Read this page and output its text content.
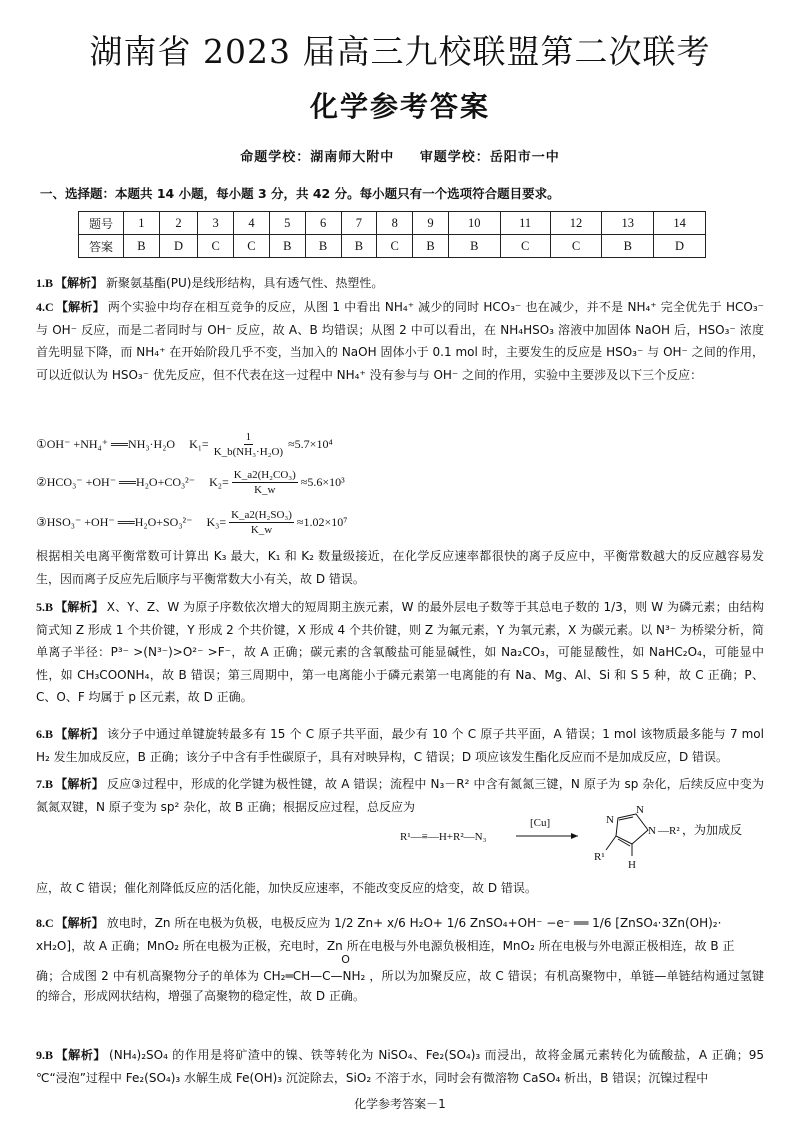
湖南省 2023 届高三九校联盟第二次联考
化学参考答案
命题学校：湖南师大附中 审题学校：岳阳市一中
一、选择题：本题共 14 小题，每小题 3 分，共 42 分。每小题只有一个选项符合题目要求。
题号	1	2	3	4	5	6	7	8	9	10	11	12	13	14
答案	B	D	C	C	B	B	B	C	B	B	C	C	B	D

1.B 【解析】 新聚氨基酯(PU)是线形结构，具有透气性、热塑性。

4.C 【解析】 两个实验中均存在相互竞争的反应，从图 1 中看出 NH₄⁺ 减少的同时 HCO₃⁻ 也在减少，并不是 NH₄⁺ 完全优先于 HCO₃⁻ 与 OH⁻ 反应，而是二者同时与 OH⁻ 反应，故 A、B 均错误；从图 2 中可以看出，在 NH₄HSO₃ 溶液中加固体 NaOH 后，HSO₃⁻ 浓度首先明显下降，而 NH₄⁺ 在开始阶段几乎不变，当加入的 NaOH 固体小于 0.1 mol 时，主要发生的反应是 HSO₃⁻ 与 OH⁻ 之间的作用，可以近似认为 HSO₃⁻ 优先反应，但不代表在这一过程中 NH₄⁺ 没有参与与 OH⁻ 之间的作用，实验中主要涉及以下三个反应：

①OH⁻ +NH₄⁺ ══NH₃·H₂O $K_1= \frac{1}{\text{K\_b(NH₃·H₂O)}} \approx 5.7\times 10^4$
②HCO₃⁻ +OH⁻ ══H₂O+CO₃²⁻ $K_2= \frac{\text{K\_a2(H₂CO₃)}}{K\_w} \approx 5.6\times 10^3$
③HSO₃⁻ +OH⁻ ══H₂O+SO₃²⁻ $K_3= \frac{\text{K\_a2(H₂SO₃)}}{K\_w} \approx 1.02\times 10^7$

根据相关电离平衡常数可计算出 K₃ 最大，K₁ 和 K₂ 数量级接近，在化学反应速率都很快的离子反应中，平衡常数越大的反应越容易发生，因而离子反应先后顺序与平衡常数大小有关，故 D 错误。

5.B 【解析】 X、Y、Z、W 为原子序数依次增大的短周期主族元素，W 的最外层电子数等于其总电子数的 1/3，则 W 为磷元素；由结构简式知 Z 形成 1 个共价键，Y 形成 2 个共价键，X 形成 4 个共价键，则 Z 为氟元素，Y 为氧元素，X 为碳元素。以 N³⁻ 为桥梁分析，简单离子半径：P³⁻ >(N³⁻)>O²⁻ >F⁻，故 A 正确；碳元素的含氧酸盐可能显碱性，如 Na₂CO₃，可能显酸性，如 NaHC₂O₄，可能显中性，如 CH₃COONH₄，故 B 错误；第三周期中，第一电离能小于磷元素第一电离能的有 Na、Mg、Al、Si 和 S 5 种，故 C 正确；P、C、O、F 均属于 p 区元素，故 D 正确。

6.B 【解析】 该分子中通过单键旋转最多有 15 个 C 原子共平面，最少有 10 个 C 原子共平面，A 错误；1 mol 该物质最多能与 7 mol H₂ 发生加成反应，B 正确；该分子中含有手性碳原子，具有对映异构，C 错误；D 项应该发生酯化反应而不是加成反应，D 错误。

7.B 【解析】 反应③过程中，形成的化学键为极性键，故 A 错误；流程中 N₃－R² 中含有氮氮三键，N 原子为 sp 杂化，后续反应中变为氮氮双键，N 原子变为 sp² 杂化，故 B 正确；根据反应过程，总反应为

R¹—≡—H+R²—N₃
[Cu]	N
N
N —R²
R¹
H
，为加成反

应，故 C 错误；催化剂降低反应的活化能，加快反应速率，不能改变反应的焓变，故 D 错误。

8.C 【解析】 放电时，Zn 所在电极为负极，电极反应为 1/2 Zn+ x/6 H₂O+ 1/6 ZnSO₄+OH⁻ −e⁻ ══ 1/6 [ZnSO₄·3Zn(OH)₂·

xH₂O]，故 A 正确；MnO₂ 所在电极为正极，充电时，Zn 所在电极与外电源负极相连，MnO₂ 所在电极与外电源正极相连，故 B 正

确；合成图 2 中有机高聚物分子的单体为
O
CH₂═CH—C—NH₂ ，所以为加聚反应，故 C 错误；有机高聚物中，单链—单链结构通过氢键的缔合，形成网状结构，增强了高聚物的稳定性，故 D 正确。

9.B 【解析】 (NH₄)₂SO₄ 的作用是将矿渣中的镍、铁等转化为 NiSO₄、Fe₂(SO₄)₃ 而浸出，故将金属元素转化为硫酸盐，A 正确；95 ℃“浸泡”过程中 Fe₂(SO₄)₃ 水解生成 Fe(OH)₃ 沉淀除去，SiO₂ 不溶于水，同时会有微溶物 CaSO₄ 析出，B 错误；沉镍过程中

化学参考答案－1
